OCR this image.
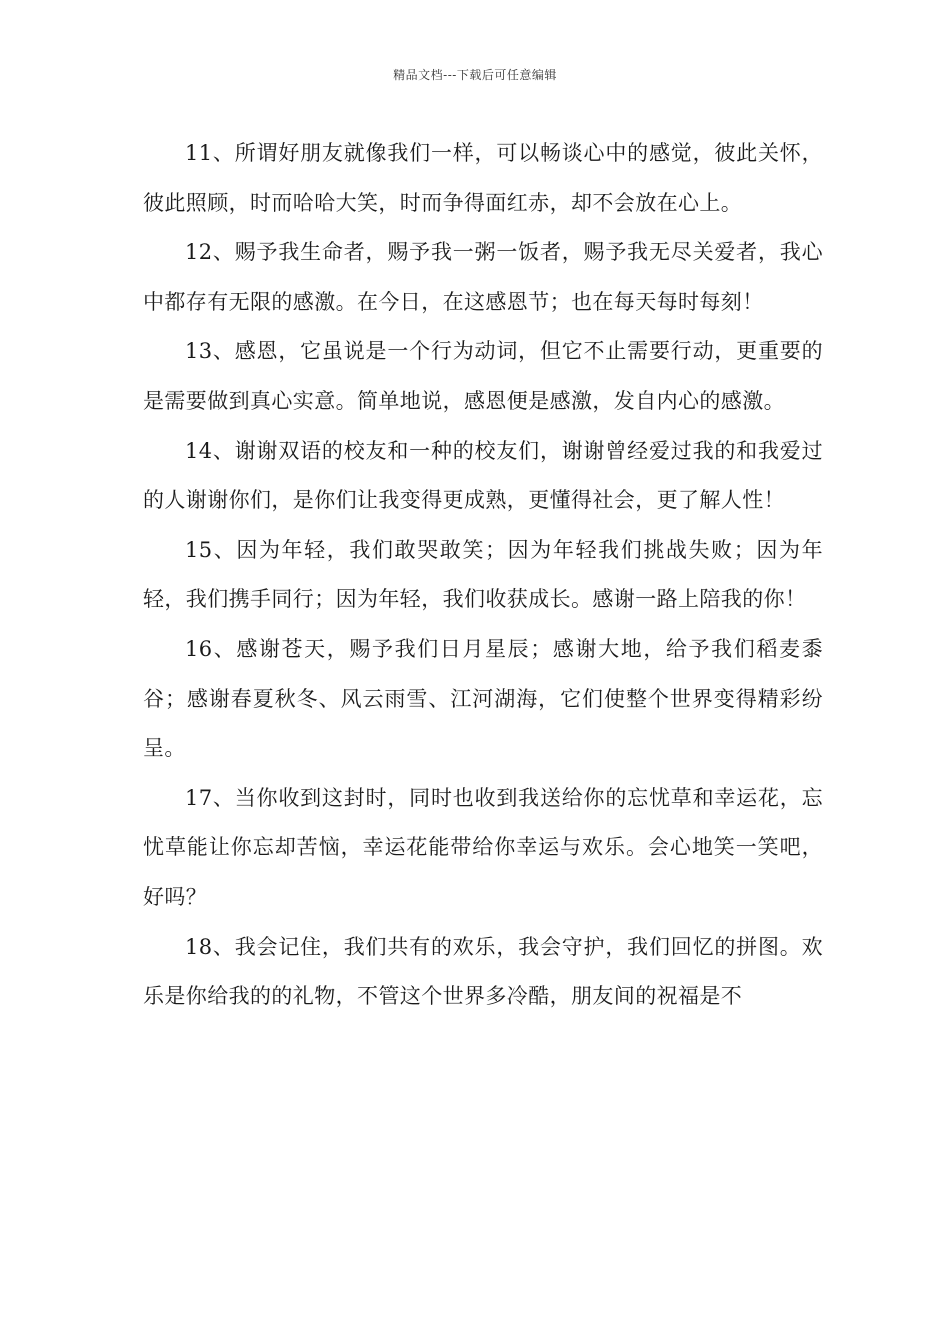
精品文档---下载后可任意编辑

11、所谓好朋友就像我们一样，可以畅谈心中的感觉，彼此关怀，彼此照顾，时而哈哈大笑，时而争得面红赤，却不会放在心上。

12、赐予我生命者，赐予我一粥一饭者，赐予我无尽关爱者，我心中都存有无限的感激。在今日，在这感恩节；也在每天每时每刻！

13、感恩，它虽说是一个行为动词，但它不止需要行动，更重要的是需要做到真心实意。简单地说，感恩便是感激，发自内心的感激。

14、谢谢双语的校友和一种的校友们，谢谢曾经爱过我的和我爱过的人谢谢你们，是你们让我变得更成熟，更懂得社会，更了解人性！

15、因为年轻，我们敢哭敢笑；因为年轻我们挑战失败；因为年轻，我们携手同行；因为年轻，我们收获成长。感谢一路上陪我的你！

16、感谢苍天，赐予我们日月星辰；感谢大地，给予我们稻麦黍谷；感谢春夏秋冬、风云雨雪、江河湖海，它们使整个世界变得精彩纷呈。

17、当你收到这封时，同时也收到我送给你的忘忧草和幸运花，忘忧草能让你忘却苦恼，幸运花能带给你幸运与欢乐。会心地笑一笑吧，好吗？

18、我会记住，我们共有的欢乐，我会守护，我们回忆的拼图。欢乐是你给我的的礼物，不管这个世界多冷酷，朋友间的祝福是不
